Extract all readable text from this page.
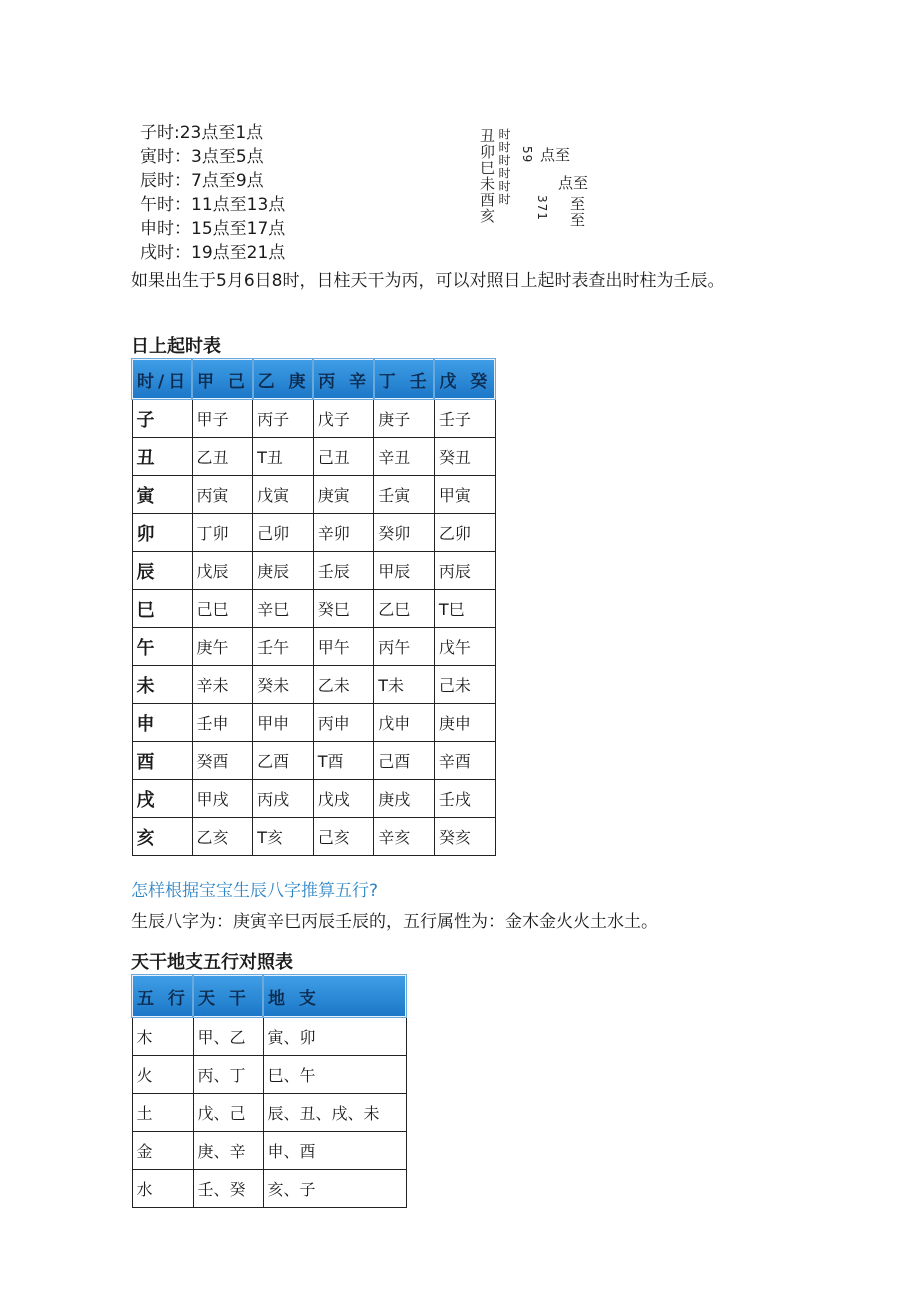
子时:23点至1点
寅时：3点至5点
辰时：7点至9点
午时：11点至13点
申时：15点至17点
戌时：19点至21点
丑卯巳未酉亥 时时时时时时 59 点至
371
点至
至至
如果出生于5月6日8时，日柱天干为丙，可以对照日上起时表查出时柱为壬辰。
日上起时表
时/日	甲 己	乙 庚	丙 辛	丁 壬	戊 癸
子	甲子	丙子	戊子	庚子	壬子
丑	乙丑	T丑	己丑	辛丑	癸丑
寅	丙寅	戊寅	庚寅	壬寅	甲寅
卯	丁卯	己卯	辛卯	癸卯	乙卯
辰	戊辰	庚辰	壬辰	甲辰	丙辰
巳	己巳	辛巳	癸巳	乙巳	T巳
午	庚午	壬午	甲午	丙午	戊午
未	辛未	癸未	乙未	T未	己未
申	壬申	甲申	丙申	戊申	庚申
酉	癸酉	乙酉	T酉	己酉	辛酉
戌	甲戌	丙戌	戊戌	庚戌	壬戌
亥	乙亥	T亥	己亥	辛亥	癸亥
怎样根据宝宝生辰八字推算五行?
生辰八字为：庚寅辛巳丙辰壬辰的，五行属性为：金木金火火土水土。
天干地支五行对照表
五 行	天 干	地 支
木	甲、乙	寅、卯
火	丙、丁	巳、午
土	戊、己	辰、丑、戌、未
金	庚、辛	申、酉
水	壬、癸	亥、子
